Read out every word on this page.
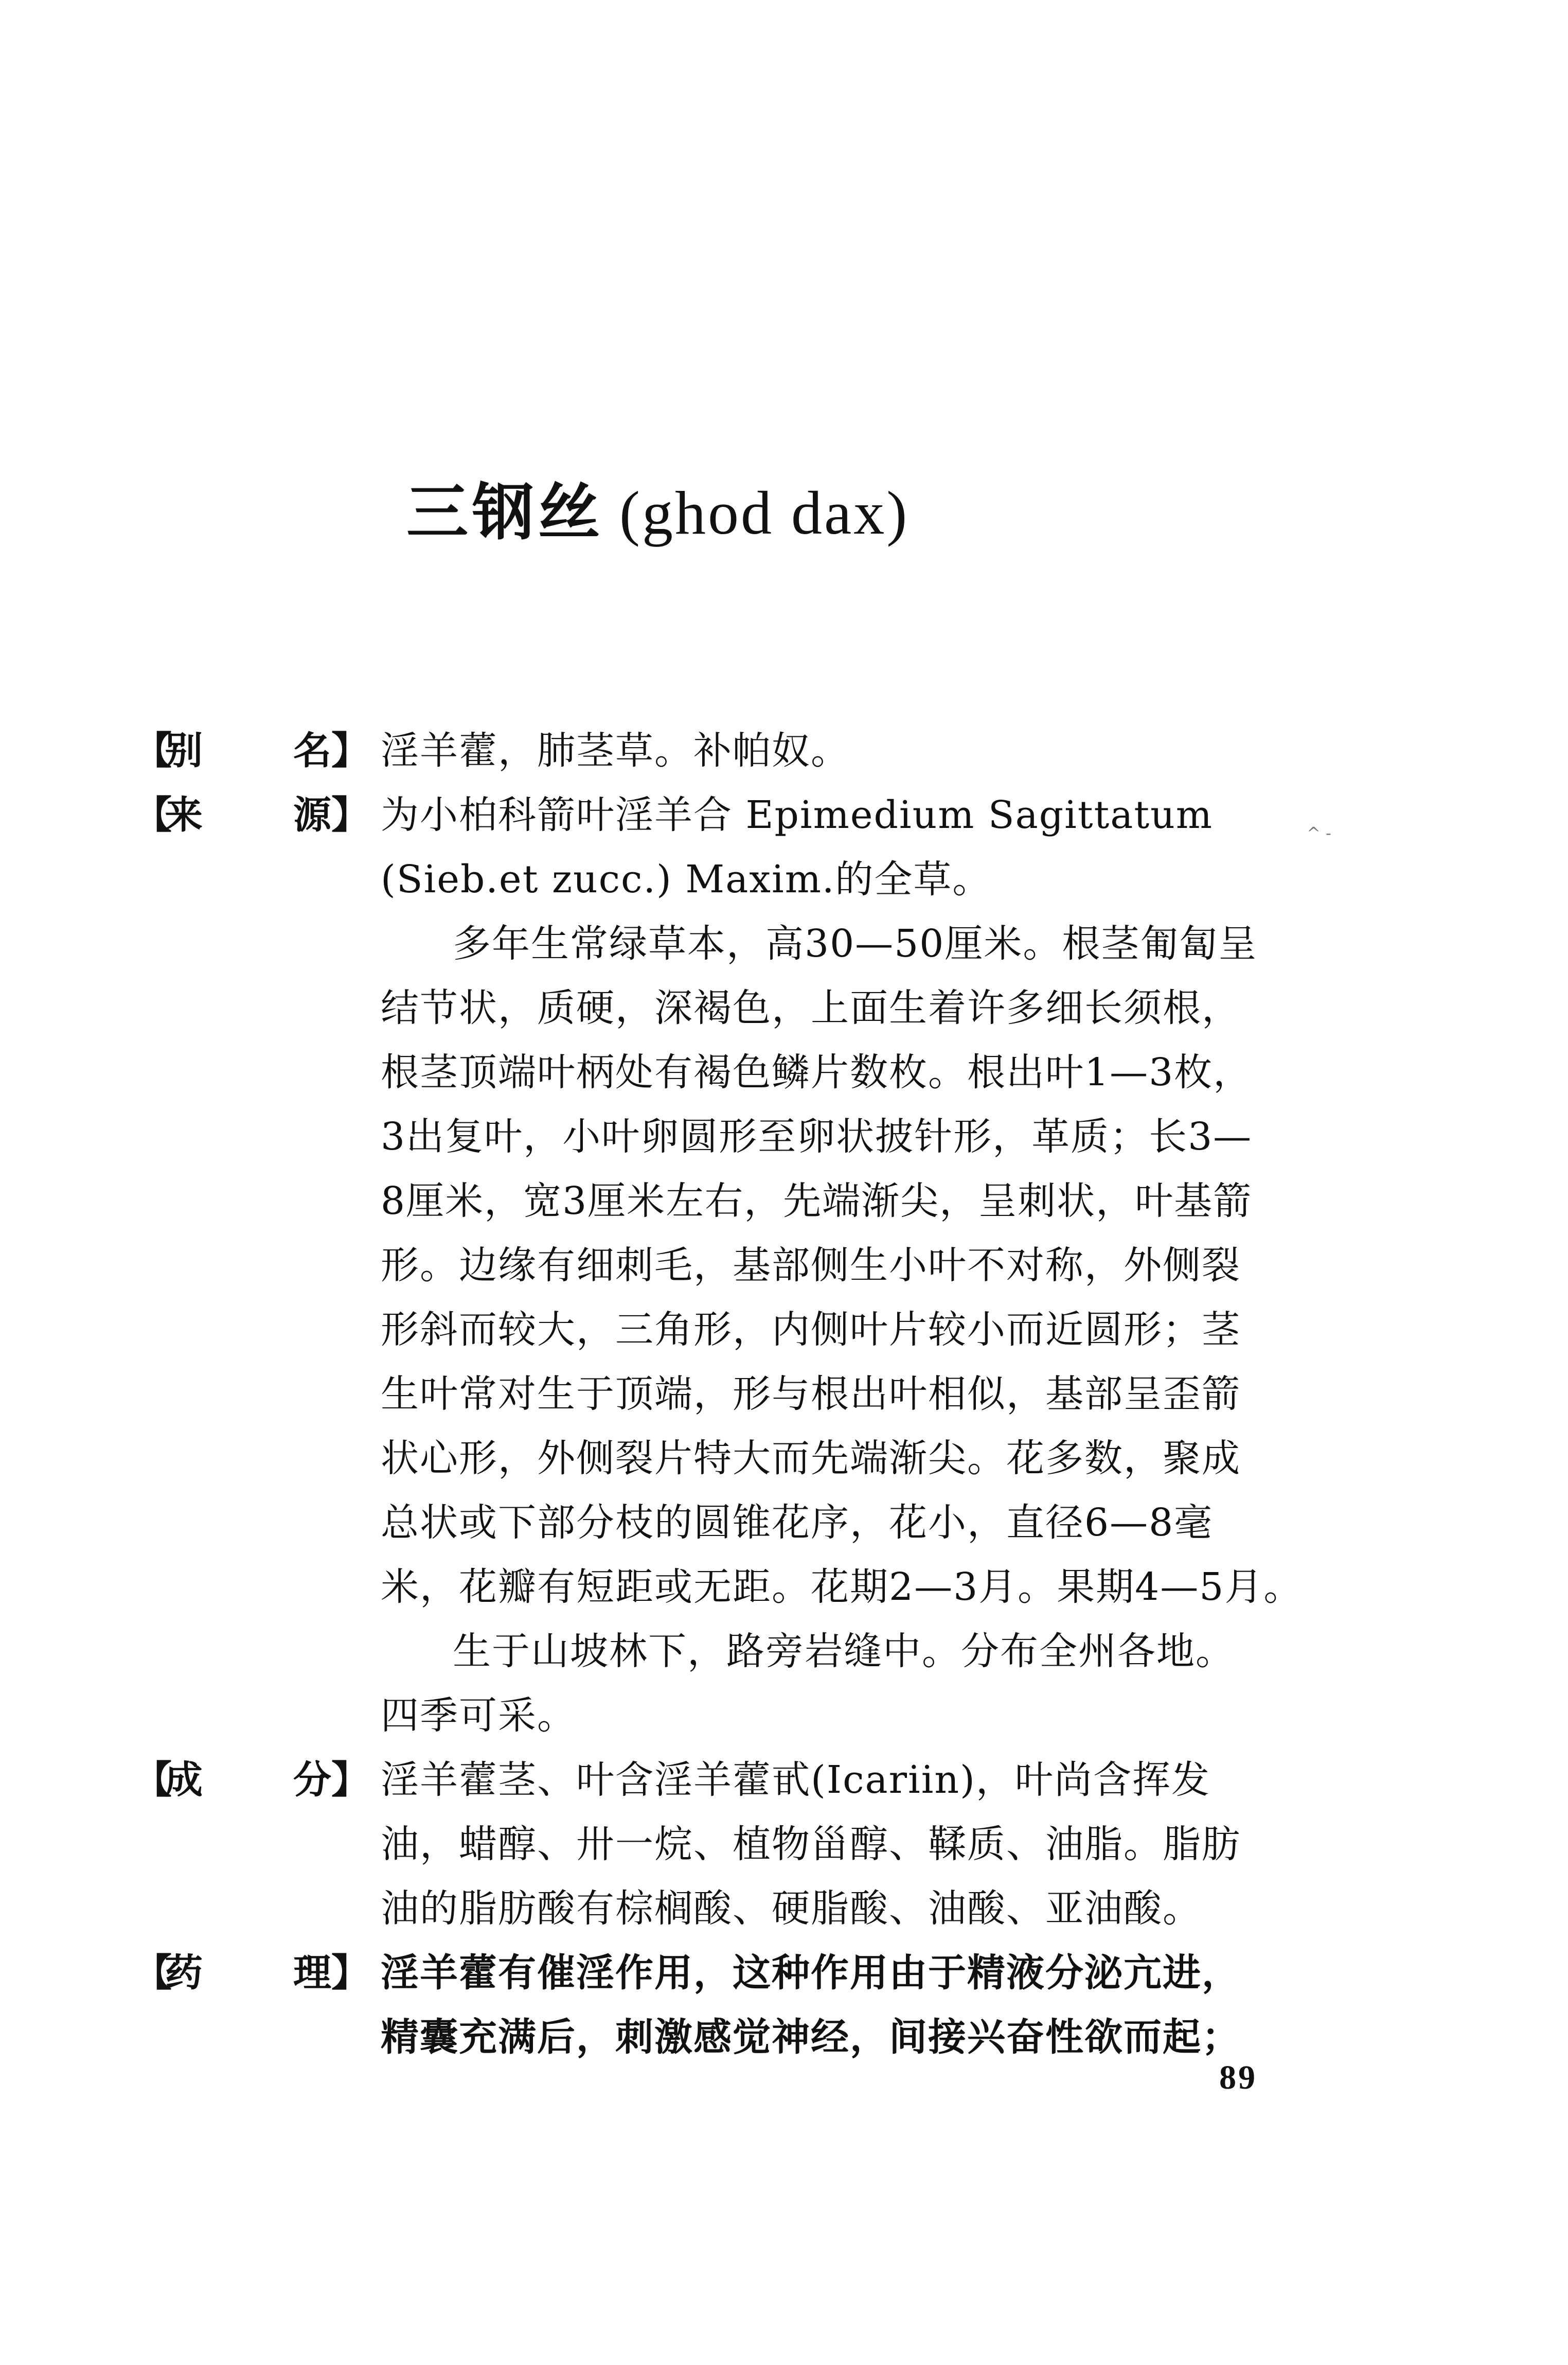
三钢丝 (ghod dax)
【别 名】 淫羊藿，肺茎草。补帕奴。
【来 源】 为小柏科箭叶淫羊合 Epimedium Sagittatum
(Sieb.et zucc.) Maxim.的全草。
^ -
多年生常绿草本，高30—50厘米。根茎匍匐呈
结节状，质硬，深褐色，上面生着许多细长须根，
根茎顶端叶柄处有褐色鳞片数枚。根出叶1—3枚，
3出复叶，小叶卵圆形至卵状披针形，革质；长3—
8厘米，宽3厘米左右，先端渐尖，呈刺状，叶基箭
形。边缘有细刺毛，基部侧生小叶不对称，外侧裂
形斜而较大，三角形，内侧叶片较小而近圆形；茎
生叶常对生于顶端，形与根出叶相似，基部呈歪箭
状心形，外侧裂片特大而先端渐尖。花多数，聚成
总状或下部分枝的圆锥花序，花小，直径6—8毫
米，花瓣有短距或无距。花期2—3月。果期4—5月。
生于山坡林下，路旁岩缝中。分布全州各地。
四季可采。
【成 分】 淫羊藿茎、叶含淫羊藿甙(Icariin)，叶尚含挥发
油，蜡醇、卅一烷、植物甾醇、鞣质、油脂。脂肪
油的脂肪酸有棕榈酸、硬脂酸、油酸、亚油酸。
【药 理】 淫羊藿有催淫作用，这种作用由于精液分泌亢进，
精囊充满后，刺激感觉神经，间接兴奋性欲而起；
89
